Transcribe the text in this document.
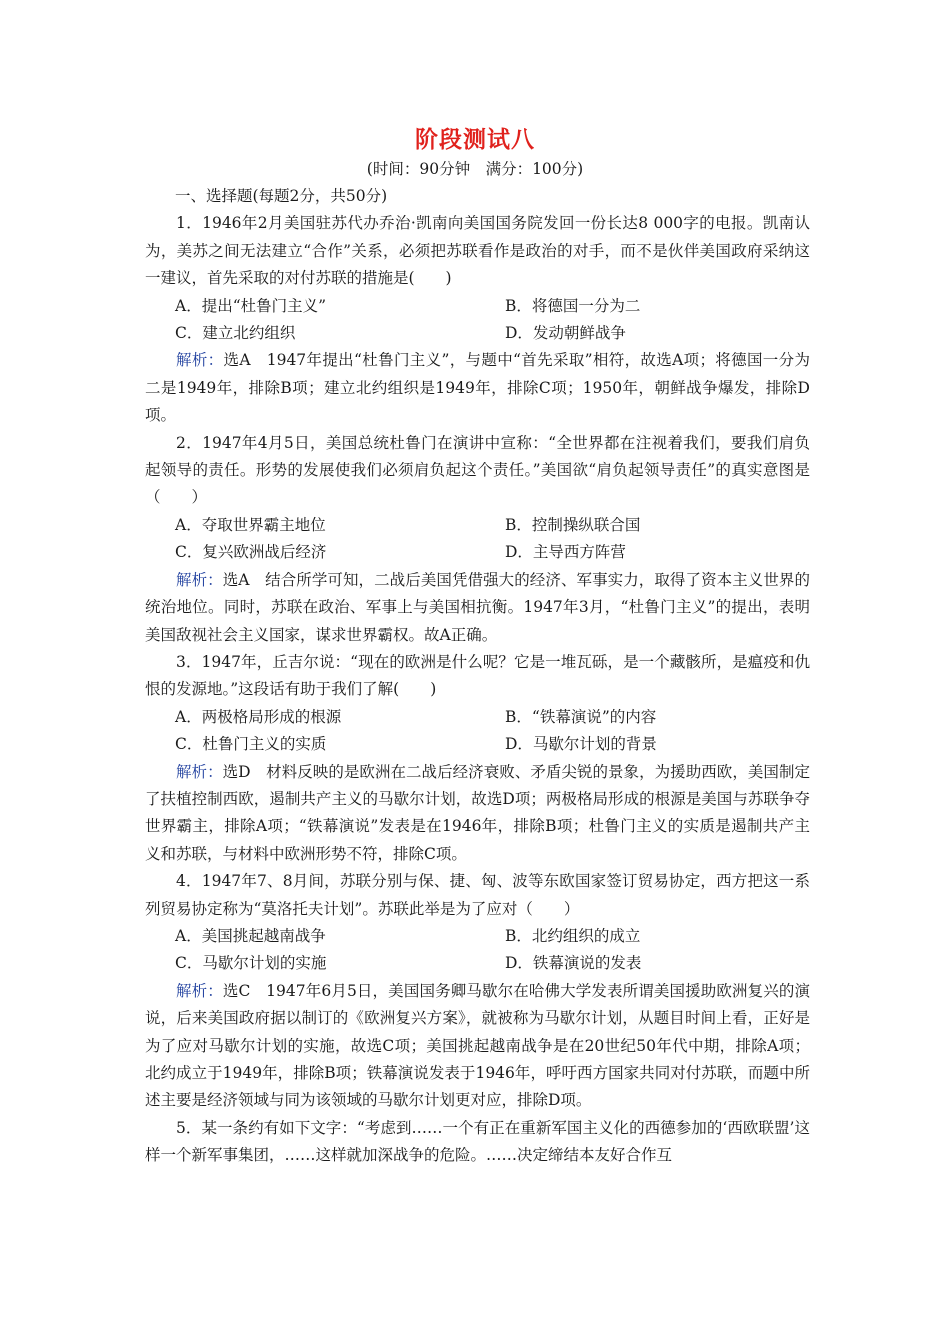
阶段测试八
(时间：90分钟　满分：100分)

一、选择题(每题2分，共50分)

1．1946年2月美国驻苏代办乔治·凯南向美国国务院发回一份长达8 000字的电报。凯南认为，美苏之间无法建立“合作”关系，必须把苏联看作是政治的对手，而不是伙伴美国政府采纳这一建议，首先采取的对付苏联的措施是(　　)

A．提出“杜鲁门主义”	B．将德国一分为二
C．建立北约组织	D．发动朝鲜战争

解析：选A　1947年提出“杜鲁门主义”，与题中“首先采取”相符，故选A项；将德国一分为二是1949年，排除B项；建立北约组织是1949年，排除C项；1950年，朝鲜战争爆发，排除D项。

2．1947年4月5日，美国总统杜鲁门在演讲中宣称：“全世界都在注视着我们，要我们肩负起领导的责任。形势的发展使我们必须肩负起这个责任。”美国欲“肩负起领导责任”的真实意图是（　　）

A．夺取世界霸主地位	B．控制操纵联合国
C．复兴欧洲战后经济	D．主导西方阵营

解析：选A　结合所学可知，二战后美国凭借强大的经济、军事实力，取得了资本主义世界的统治地位。同时，苏联在政治、军事上与美国相抗衡。1947年3月，“杜鲁门主义”的提出，表明美国敌视社会主义国家，谋求世界霸权。故A正确。

3．1947年，丘吉尔说：“现在的欧洲是什么呢？它是一堆瓦砾，是一个藏骸所，是瘟疫和仇恨的发源地。”这段话有助于我们了解(　　)

A．两极格局形成的根源	B．“铁幕演说”的内容
C．杜鲁门主义的实质	D．马歇尔计划的背景

解析：选D　材料反映的是欧洲在二战后经济衰败、矛盾尖锐的景象，为援助西欧，美国制定了扶植控制西欧，遏制共产主义的马歇尔计划，故选D项；两极格局形成的根源是美国与苏联争夺世界霸主，排除A项；“铁幕演说”发表是在1946年，排除B项；杜鲁门主义的实质是遏制共产主义和苏联，与材料中欧洲形势不符，排除C项。

4．1947年7、8月间，苏联分别与保、捷、匈、波等东欧国家签订贸易协定，西方把这一系列贸易协定称为“莫洛托夫计划”。苏联此举是为了应对（　　）

A．美国挑起越南战争	B．北约组织的成立
C．马歇尔计划的实施	D．铁幕演说的发表

解析：选C　1947年6月5日，美国国务卿马歇尔在哈佛大学发表所谓美国援助欧洲复兴的演说，后来美国政府据以制订的《欧洲复兴方案》，就被称为马歇尔计划，从题目时间上看，正好是为了应对马歇尔计划的实施，故选C项；美国挑起越南战争是在20世纪50年代中期，排除A项；北约成立于1949年，排除B项；铁幕演说发表于1946年，呼吁西方国家共同对付苏联，而题中所述主要是经济领域与同为该领域的马歇尔计划更对应，排除D项。

5．某一条约有如下文字：“考虑到……一个有正在重新军国主义化的西德参加的‘西欧联盟’这样一个新军事集团，……这样就加深战争的危险。……决定缔结本友好合作互
